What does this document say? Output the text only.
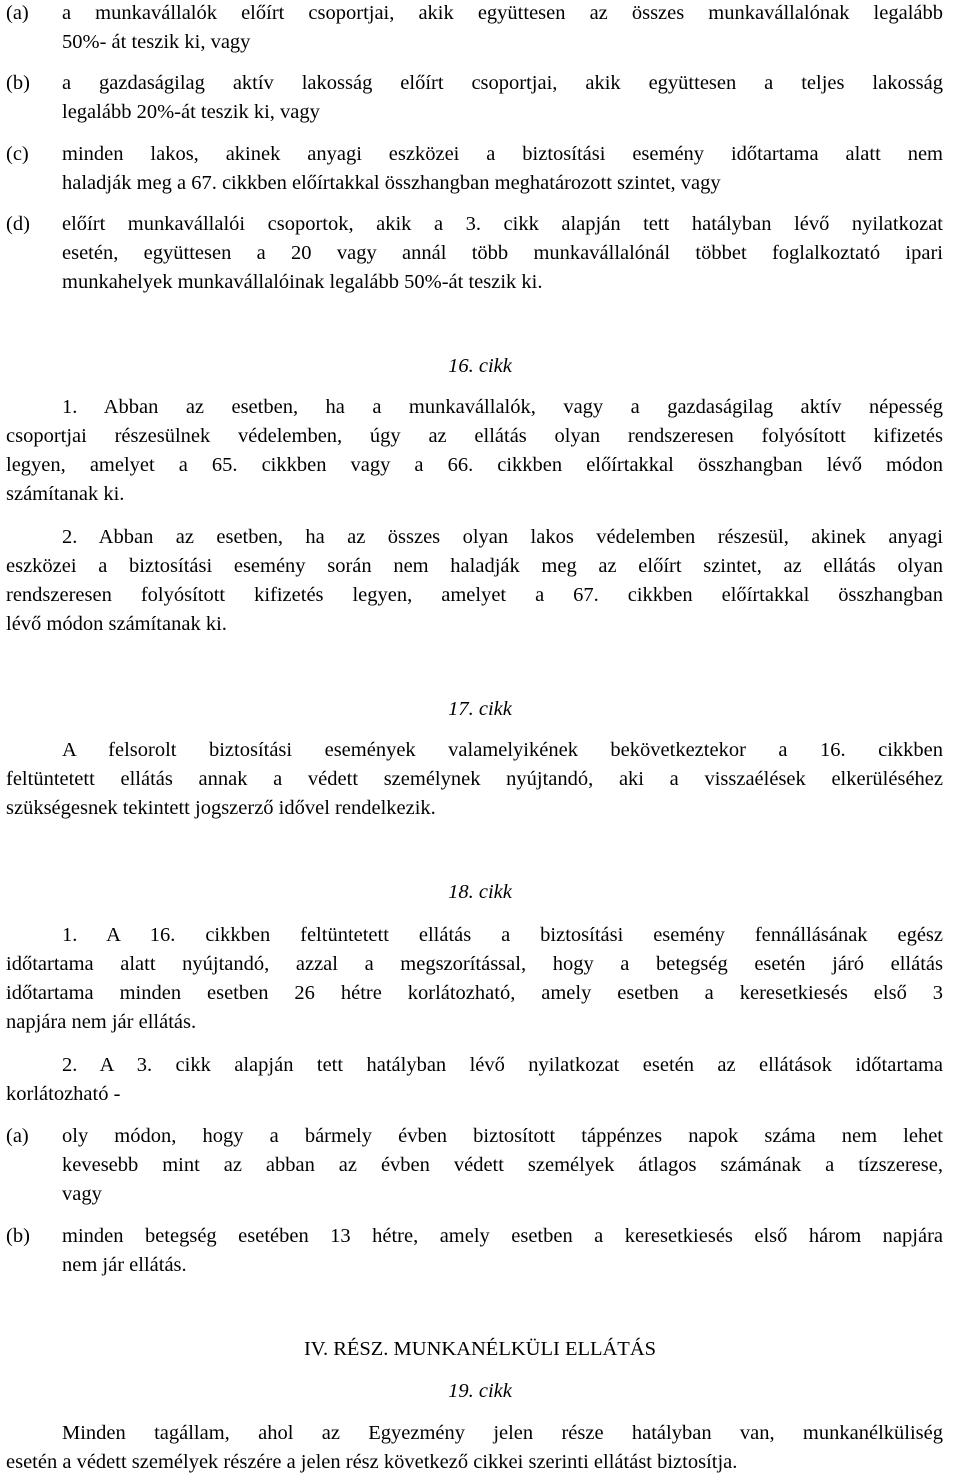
(a) a munkavállalók előírt csoportjai, akik együttesen az összes munkavállalónak legalább
50%- át teszik ki, vagy
(b) a gazdaságilag aktív lakosság előírt csoportjai, akik együttesen a teljes lakosság
legalább 20%-át teszik ki, vagy
(c) minden lakos, akinek anyagi eszközei a biztosítási esemény időtartama alatt nem
haladják meg a 67. cikkben előírtakkal összhangban meghatározott szintet, vagy
(d) előírt munkavállalói csoportok, akik a 3. cikk alapján tett hatályban lévő nyilatkozat
esetén, együttesen a 20 vagy annál több munkavállalónál többet foglalkoztató ipari
munkahelyek munkavállalóinak legalább 50%-át teszik ki.
16. cikk
1. Abban az esetben, ha a munkavállalók, vagy a gazdaságilag aktív népesség
csoportjai részesülnek védelemben, úgy az ellátás olyan rendszeresen folyósított kifizetés
legyen, amelyet a 65. cikkben vagy a 66. cikkben előírtakkal összhangban lévő módon
számítanak ki.
2. Abban az esetben, ha az összes olyan lakos védelemben részesül, akinek anyagi
eszközei a biztosítási esemény során nem haladják meg az előírt szintet, az ellátás olyan
rendszeresen folyósított kifizetés legyen, amelyet a 67. cikkben előírtakkal összhangban
lévő módon számítanak ki.
17. cikk
A felsorolt biztosítási események valamelyikének bekövetkeztekor a 16. cikkben
feltüntetett ellátás annak a védett személynek nyújtandó, aki a visszaélések elkerüléséhez
szükségesnek tekintett jogszerző idővel rendelkezik.
18. cikk
1. A 16. cikkben feltüntetett ellátás a biztosítási esemény fennállásának egész
időtartama alatt nyújtandó, azzal a megszorítással, hogy a betegség esetén járó ellátás
időtartama minden esetben 26 hétre korlátozható, amely esetben a keresetkiesés első 3
napjára nem jár ellátás.
2. A 3. cikk alapján tett hatályban lévő nyilatkozat esetén az ellátások időtartama
korlátozható -
(a) oly módon, hogy a bármely évben biztosított táppénzes napok száma nem lehet
kevesebb mint az abban az évben védett személyek átlagos számának a tízszerese,
vagy
(b) minden betegség esetében 13 hétre, amely esetben a keresetkiesés első három napjára
nem jár ellátás.
IV. RÉSZ. MUNKANÉLKÜLI ELLÁTÁS
19. cikk
Minden tagállam, ahol az Egyezmény jelen része hatályban van, munkanélküliség
esetén a védett személyek részére a jelen rész következő cikkei szerinti ellátást biztosítja.
